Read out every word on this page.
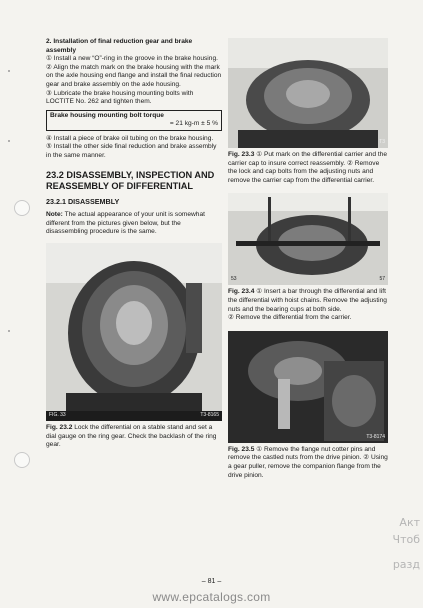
2. Installation of final reduction gear and brake assembly

① Install a new “O”-ring in the groove in the brake housing.

② Align the match mark on the brake housing with the mark on the axle housing end flange and install the final reduction gear and brake assembly on the axle housing.

③ Lubricate the brake housing mounting bolts with LOCTITE No. 262 and tighten them.

Brake housing mounting bolt torque
= 21 kg-m ± 5 %

④ Install a piece of brake oil tubing on the brake housing.

⑤ Install the other side final reduction and brake assembly in the same manner.

23.2 DISASSEMBLY, INSPECTION AND REASSEMBLY OF DIFFERENTIAL

23.2.1 DISASSEMBLY

Note: The actual appearance of your unit is somewhat different from the pictures given below, but the disassembling procedure is the same.

FIG. 33	T3-8165

Fig. 23.2 Lock the differential on a stable stand and set a dial gauge on the ring gear. Check the backlash of the ring gear.

T3

Fig. 23.3 ① Put mark on the differential carrier and the carrier cap to insure correct reassembly. ② Remove the lock and cap bolts from the adjusting nuts and remove the carrier cap from the differential carrier.

53	57

Fig. 23.4 ① Insert a bar through the differential and lift the differential with hoist chains. Remove the adjusting nuts and the bearing cups at both side.

② Remove the differential from the carrier.

T3-8174

Fig. 23.5 ① Remove the flange nut cotter pins and remove the castled nuts from the drive pinion. ② Using a gear puller, remove the companion flange from the drive pinion.

Акт
Чтоб
разд
– 81 –
www.epcatalogs.com
